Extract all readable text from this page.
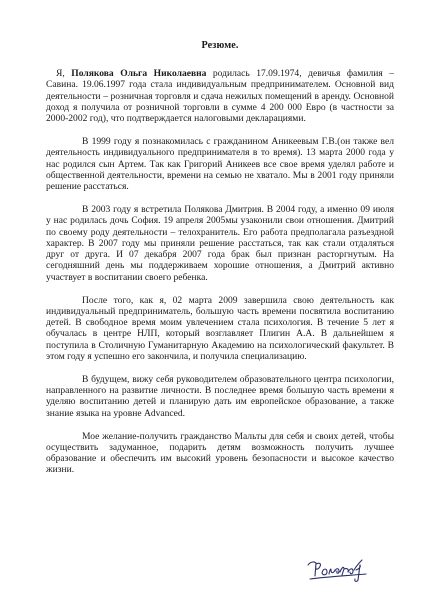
Резюме.

Я, Полякова Ольга Николаевна родилась 17.09.1974, девичья фамилия – Савина. 19.06.1997 года стала индивидуальным предпринимателем. Основной вид деятельности – розничная торговля и сдача нежилых помещений в аренду. Основной доход я получила от розничной торговли в сумме 4 200 000 Евро (в частности за 2000-2002 год), что подтверждается налоговыми декларациями.

В 1999 году я познакомилась с гражданином Аникеевым Г.В.(он также вел деятельность индивидуального предпринимателя в то время). 13 марта 2000 года у нас родился сын Артем. Так как Григорий Аникеев все свое время уделял работе и общественной деятельности, времени на семью не хватало. Мы в 2001 году приняли решение расстаться.

В 2003 году я встретила Полякова Дмитрия. В 2004 году, а именно 09 июля у нас родилась дочь София. 19 апреля 2005мы узаконили свои отношения. Дмитрий по своему роду деятельности – телохранитель. Его работа предполагала разъездной характер. В 2007 году мы приняли решение расстаться, так как стали отдаляться друг от друга. И 07 декабря 2007 года брак был признан расторгнутым. На сегодняшний день мы поддерживаем хорошие отношения, а Дмитрий активно участвует в воспитании своего ребенка.

После того, как я, 02 марта 2009 завершила свою деятельность как индивидуальный предприниматель, большую часть времени посвятила воспитанию детей. В свободное время моим увлечением стала психология. В течение 5 лет я обучалась в центре НЛП, который возглавляет Плигин А.А. В дальнейшем я поступила в Столичную Гуманитарную Академию на психологический факультет. В этом году я успешно его закончила, и получила специализацию.

В будущем, вижу себя руководителем образовательного центра психологии, направленного на развитие личности. В последнее время большую часть времени я уделяю воспитанию детей и планирую дать им европейское образование, а также знание языка на уровне Advanced.

Мое желание-получить гражданство Мальты для себя и своих детей, чтобы осуществить задуманное, подарить детям возможность получить лучшее образование и обеспечить им высокий уровень безопасности и высокое качество жизни.
